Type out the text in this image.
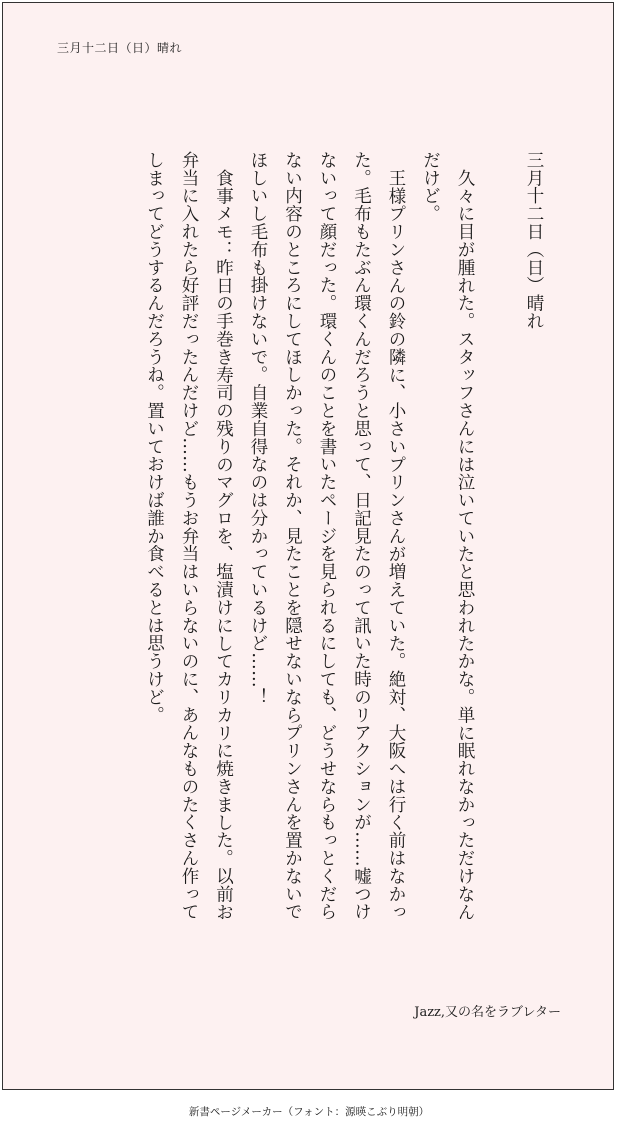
三月十二日（日）晴れ

三月十二日（日）晴れ

久々に目が腫れた。スタッフさんには泣いていたと思われたかな。単に眠れなかっただけなんだけど。

王様プリンさんの鈴の隣に、小さいプリンさんが増えていた。絶対、大阪へは行く前はなかった。毛布もたぶん環くんだろうと思って、日記見たのって訊いた時のリアクションが……嘘つけないって顔だった。環くんのことを書いたページを見られるにしても、どうせならもっとくだらない内容のところにしてほしかった。それか、見たことを隠せないならプリンさんを置かないでほしいし毛布も掛けないで。自業自得なのは分かっているけど……！

食事メモ：昨日の手巻き寿司の残りのマグロを、塩漬けにしてカリカリに焼きました。以前お弁当に入れたら好評だったんだけど……もうお弁当はいらないのに、あんなものたくさん作ってしまってどうするんだろうね。置いておけば誰か食べるとは思うけど。

Jazz,又の名をラブレター
新書ページメーカー（フォント：源暎こぶり明朝）
